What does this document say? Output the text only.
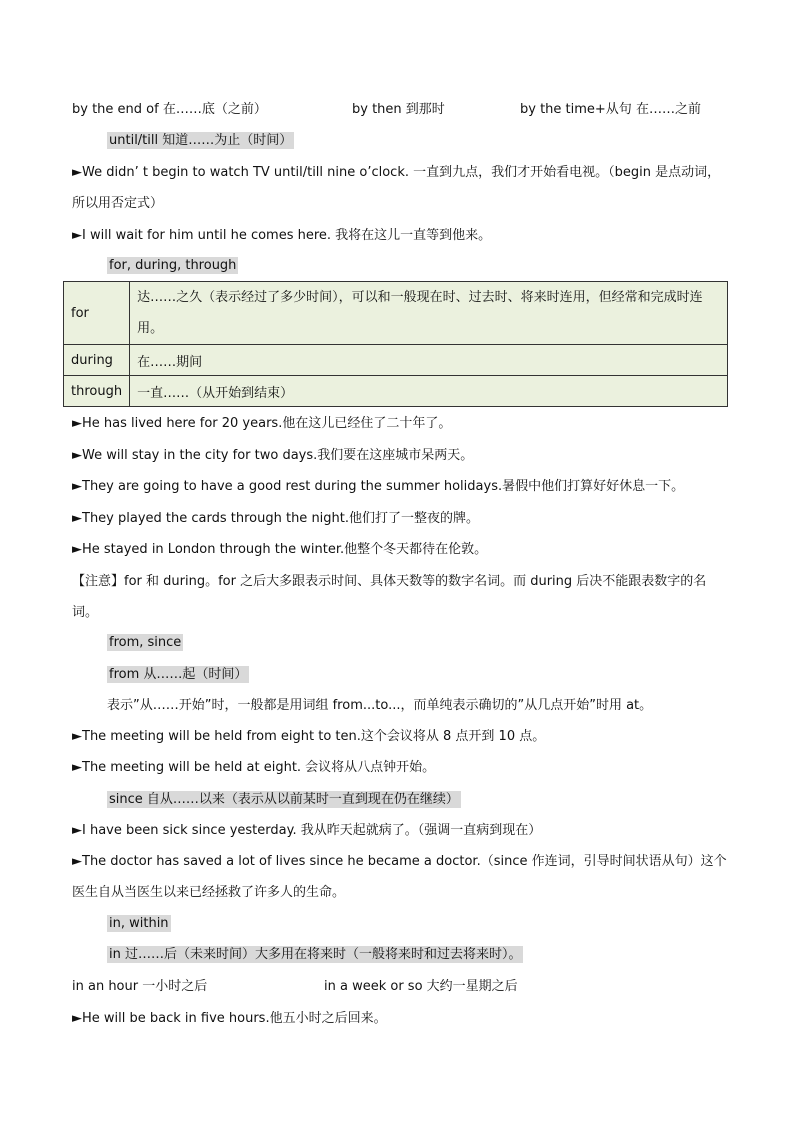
by the end of 在……底（之前）	by then 到那时	by the time+从句 在……之前
until/till 知道……为止（时间）
►We didn’ t begin to watch TV until/till nine o’clock. 一直到九点，我们才开始看电视。（begin 是点动词，所以用否定式）
►I will wait for him until he comes here. 我将在这儿一直等到他来。
for, during, through
for	达……之久（表示经过了多少时间），可以和一般现在时、过去时、将来时连用，但经常和完成时连用。
during	在……期间
through	一直……（从开始到结束）
►He has lived here for 20 years.他在这儿已经住了二十年了。
►We will stay in the city for two days.我们要在这座城市呆两天。
►They are going to have a good rest during the summer holidays.暑假中他们打算好好休息一下。
►They played the cards through the night.他们打了一整夜的牌。
►He stayed in London through the winter.他整个冬天都待在伦敦。
【注意】for 和 during。for 之后大多跟表示时间、具体天数等的数字名词。而 during 后决不能跟表数字的名词。
from, since
from 从……起（时间）
表示”从……开始”时，一般都是用词组 from...to...，而单纯表示确切的”从几点开始”时用 at。
►The meeting will be held from eight to ten.这个会议将从 8 点开到 10 点。
►The meeting will be held at eight. 会议将从八点钟开始。
since 自从……以来（表示从以前某时一直到现在仍在继续）
►I have been sick since yesterday. 我从昨天起就病了。（强调一直病到现在）
►The doctor has saved a lot of lives since he became a doctor.（since 作连词，引导时间状语从句）这个医生自从当医生以来已经拯救了许多人的生命。
in, within
in 过……后（未来时间）大多用在将来时（一般将来时和过去将来时）。
in an hour 一小时之后	in a week or so 大约一星期之后
►He will be back in five hours.他五小时之后回来。
